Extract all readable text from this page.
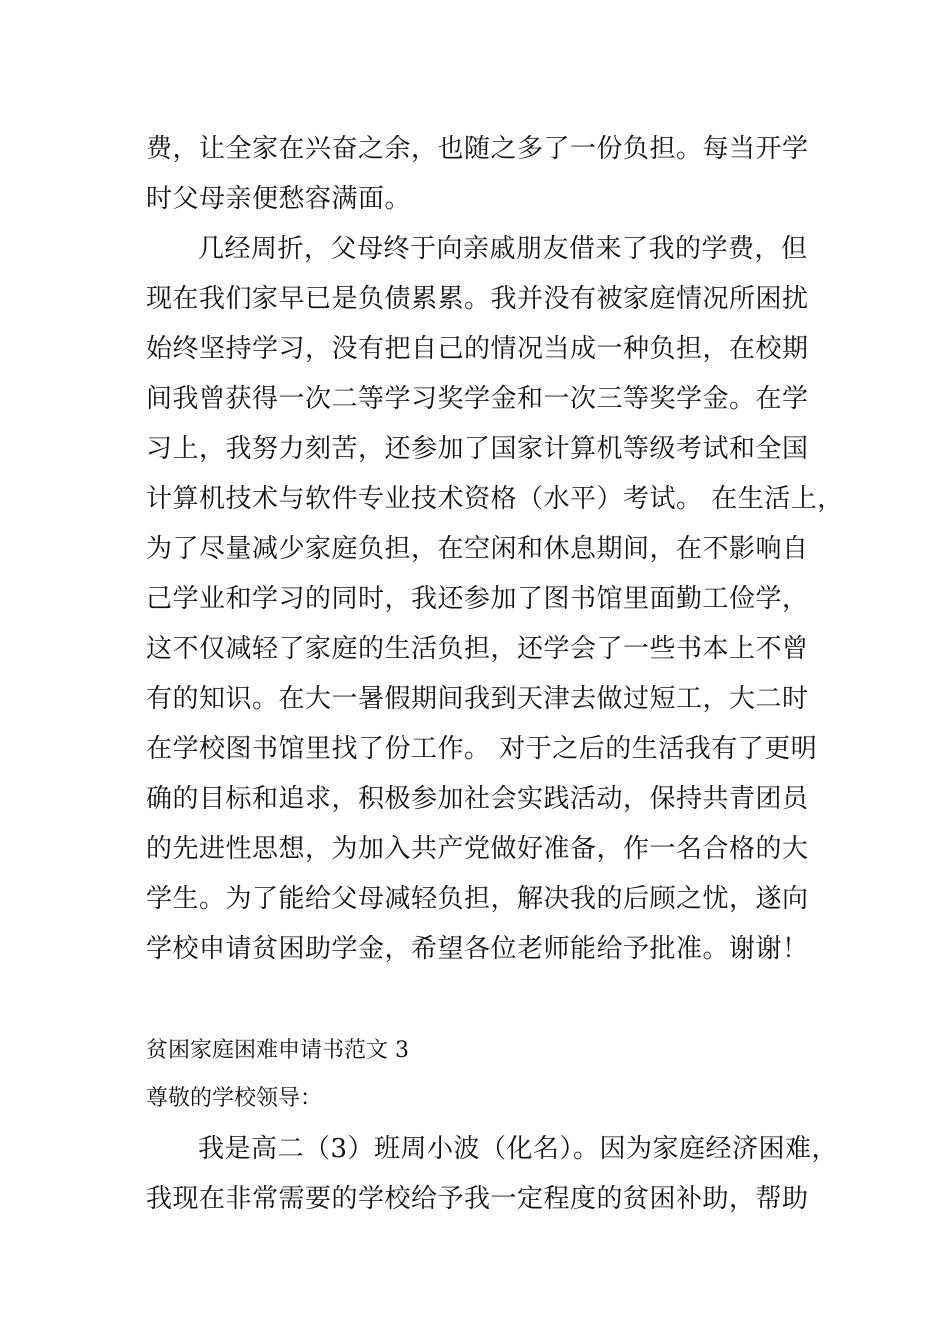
费，让全家在兴奋之余，也随之多了一份负担。每当开学
时父母亲便愁容满面。
几经周折，父母终于向亲戚朋友借来了我的学费，但
现在我们家早已是负债累累。我并没有被家庭情况所困扰
始终坚持学习，没有把自己的情况当成一种负担，在校期
间我曾获得一次二等学习奖学金和一次三等奖学金。在学
习上，我努力刻苦，还参加了国家计算机等级考试和全国
计算机技术与软件专业技术资格（水平）考试。 在生活上，
为了尽量减少家庭负担，在空闲和休息期间，在不影响自
己学业和学习的同时，我还参加了图书馆里面勤工俭学，
这不仅减轻了家庭的生活负担，还学会了一些书本上不曾
有的知识。在大一暑假期间我到天津去做过短工，大二时
在学校图书馆里找了份工作。 对于之后的生活我有了更明
确的目标和追求，积极参加社会实践活动，保持共青团员
的先进性思想，为加入共产党做好准备，作一名合格的大
学生。为了能给父母减轻负担，解决我的后顾之忧，遂向
学校申请贫困助学金，希望各位老师能给予批准。谢谢！
贫困家庭困难申请书范文 3
尊敬的学校领导：
我是高二（3）班周小波（化名）。因为家庭经济困难，
我现在非常需要的学校给予我一定程度的贫困补助，帮助
